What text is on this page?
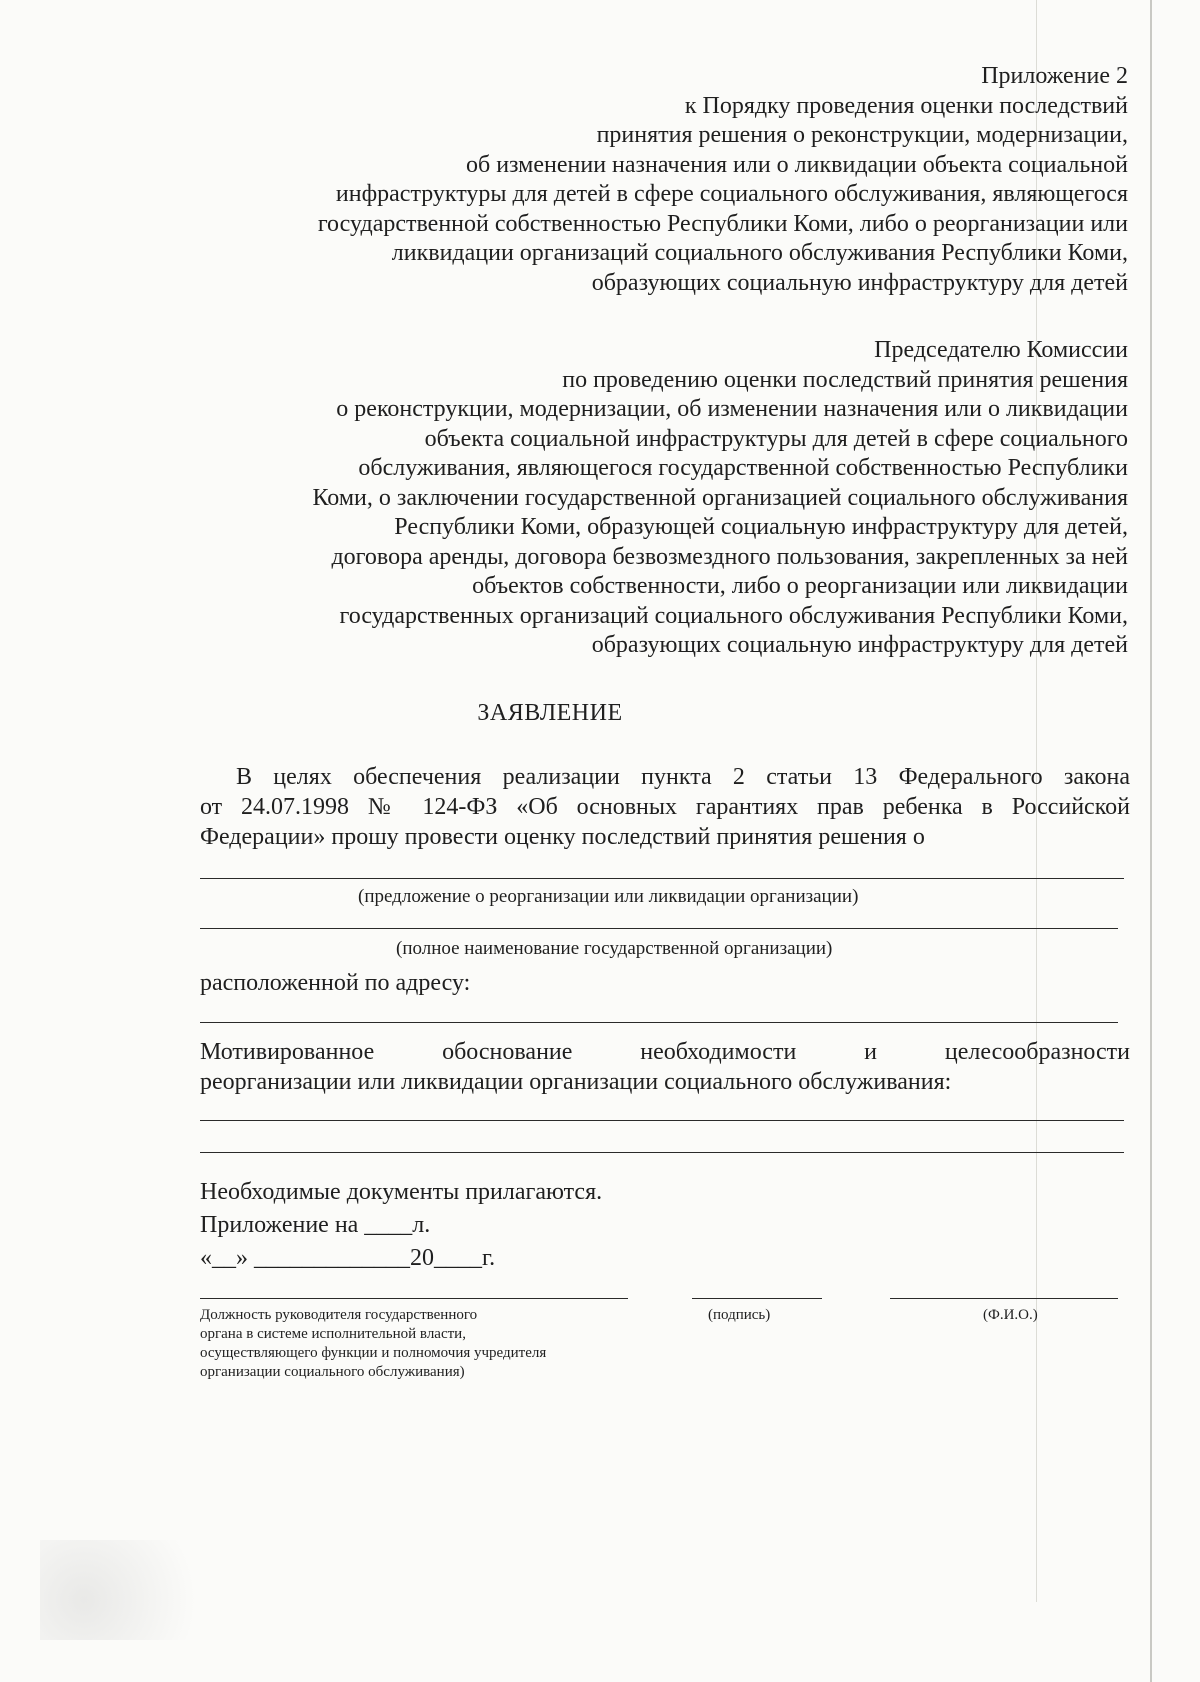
Приложение 2
к Порядку проведения оценки последствий
принятия решения о реконструкции, модернизации,
об изменении назначения или о ликвидации объекта социальной
инфраструктуры для детей в сфере социального обслуживания, являющегося
государственной собственностью Республики Коми, либо о реорганизации или
ликвидации организаций социального обслуживания Республики Коми,
образующих социальную инфраструктуру для детей
Председателю Комиссии
по проведению оценки последствий принятия решения
о реконструкции, модернизации, об изменении назначения или о ликвидации
объекта социальной инфраструктуры для детей в сфере социального
обслуживания, являющегося государственной собственностью Республики
Коми, о заключении государственной организацией социального обслуживания
Республики Коми, образующей социальную инфраструктуру для детей,
договора аренды, договора безвозмездного пользования, закрепленных за ней
объектов собственности, либо о реорганизации или ликвидации
государственных организаций социального обслуживания Республики Коми,
образующих социальную инфраструктуру для детей
ЗАЯВЛЕНИЕ
В целях обеспечения реализации пункта 2 статьи 13 Федерального закона
от 24.07.1998 № 124-ФЗ «Об основных гарантиях прав ребенка в Российской
Федерации» прошу провести оценку последствий принятия решения о
(предложение о реорганизации или ликвидации организации)
(полное наименование государственной организации)
расположенной по адресу:
Мотивированное обоснование необходимости и целесообразности
реорганизации или ликвидации организации социального обслуживания:
Необходимые документы прилагаются.
Приложение на ____л.
«__» _____________20____г.
Должность руководителя государственного
органа в системе исполнительной власти,
осуществляющего функции и полномочия учредителя
организации социального обслуживания)
(подпись)	(Ф.И.О.)
